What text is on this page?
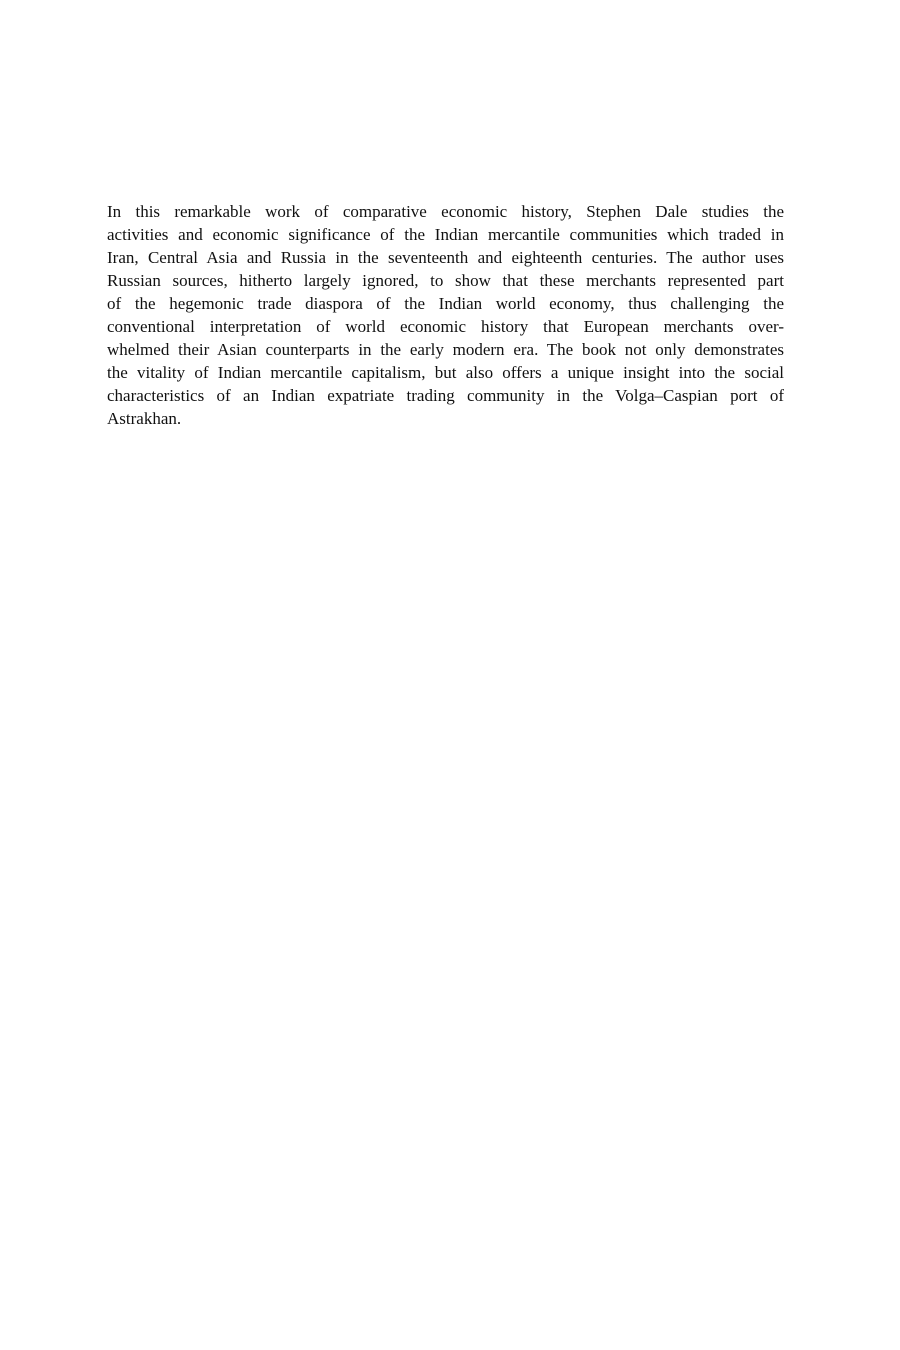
In this remarkable work of comparative economic history, Stephen Dale studies the
activities and economic significance of the Indian mercantile communities which traded in
Iran, Central Asia and Russia in the seventeenth and eighteenth centuries. The author uses
Russian sources, hitherto largely ignored, to show that these merchants represented part
of the hegemonic trade diaspora of the Indian world economy, thus challenging the
conventional interpretation of world economic history that European merchants over-
whelmed their Asian counterparts in the early modern era. The book not only demonstrates
the vitality of Indian mercantile capitalism, but also offers a unique insight into the social
characteristics of an Indian expatriate trading community in the Volga–Caspian port of
Astrakhan.
